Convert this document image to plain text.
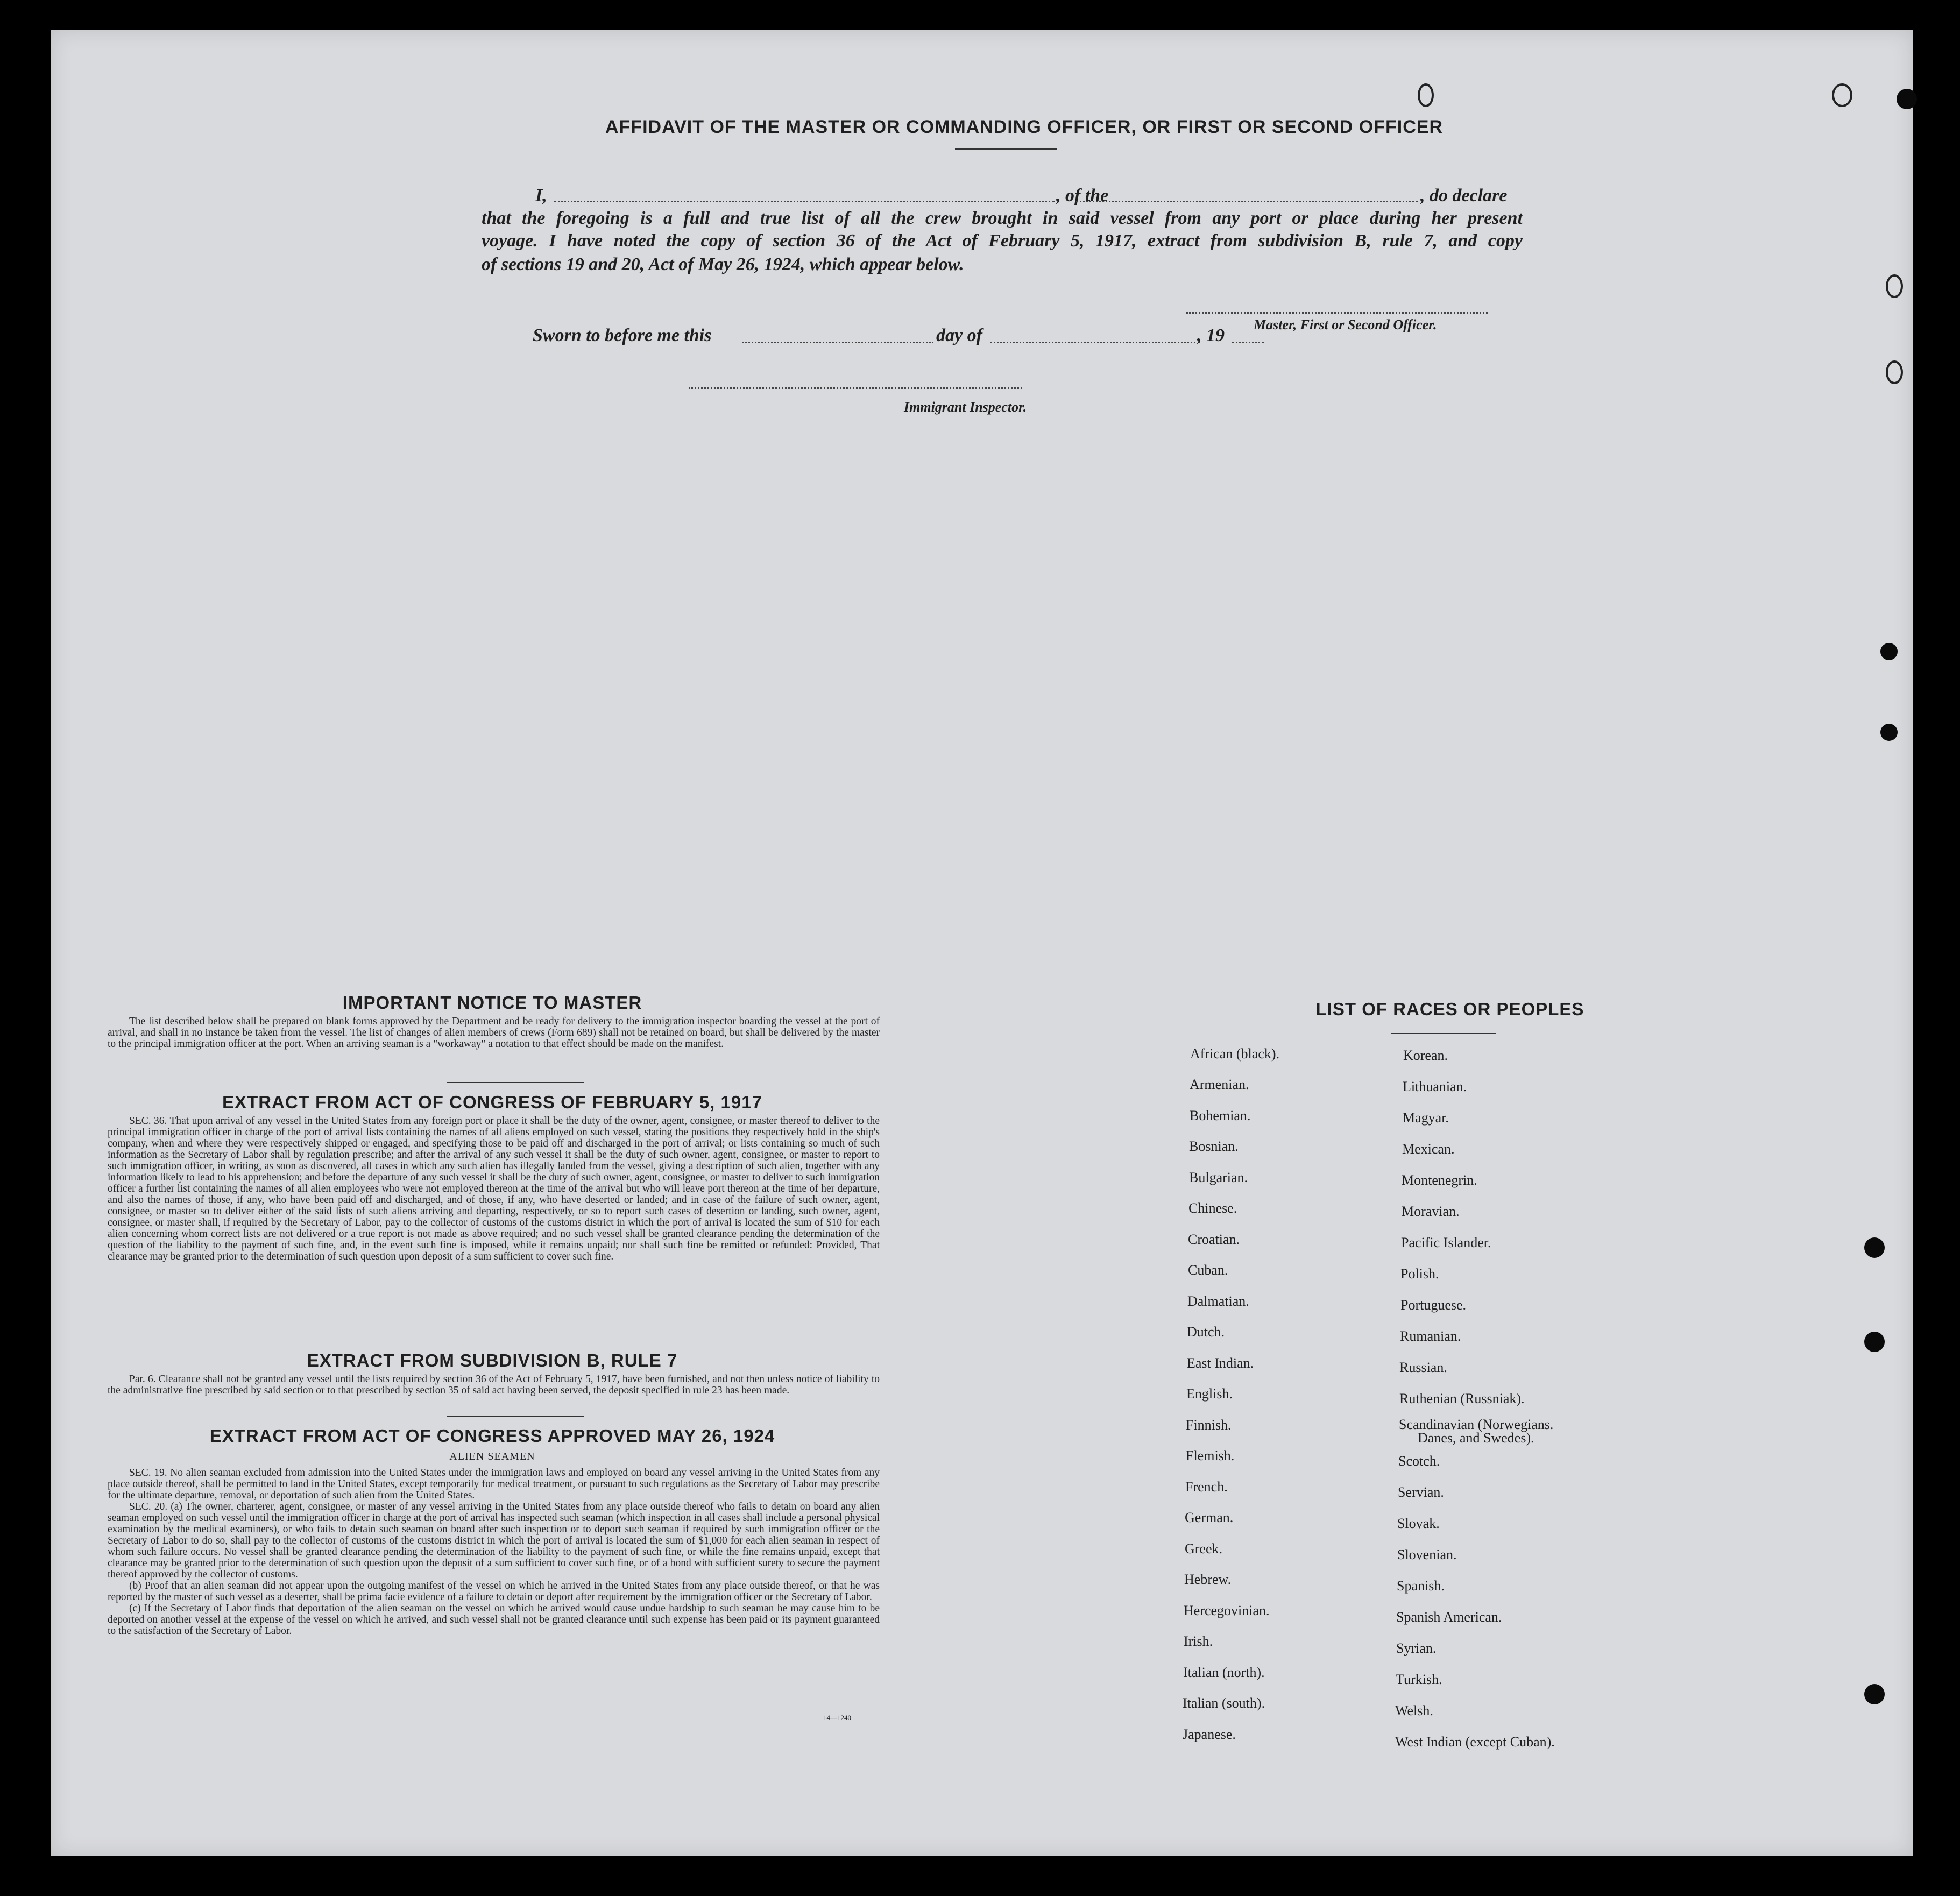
AFFIDAVIT OF THE MASTER OR COMMANDING OFFICER, OR FIRST OR SECOND OFFICER
I,	, of the	, do declare
that the foregoing is a full and true list of all the crew brought in said vessel from any port or place during her present
voyage. I have noted the copy of section 36 of the Act of February 5, 1917, extract from subdivision B, rule 7, and copy
of sections 19 and 20, Act of May 26, 1924, which appear below.
Master, First or Second Officer.
Sworn to before me this	day of	, 19
Immigrant Inspector.
IMPORTANT NOTICE TO MASTER

The list described below shall be prepared on blank forms approved by the Department and be ready for delivery to the immigration inspector boarding the vessel at the port of arrival, and shall in no instance be taken from the vessel. The list of changes of alien members of crews (Form 689) shall not be retained on board, but shall be delivered by the master to the principal immigration officer at the port. When an arriving seaman is a "workaway" a notation to that effect should be made on the manifest.

EXTRACT FROM ACT OF CONGRESS OF FEBRUARY 5, 1917

SEC. 36. That upon arrival of any vessel in the United States from any foreign port or place it shall be the duty of the owner, agent, consignee, or master thereof to deliver to the principal immigration officer in charge of the port of arrival lists containing the names of all aliens employed on such vessel, stating the positions they respectively hold in the ship's company, when and where they were respectively shipped or engaged, and specifying those to be paid off and discharged in the port of arrival; or lists containing so much of such information as the Secretary of Labor shall by regulation prescribe; and after the arrival of any such vessel it shall be the duty of such owner, agent, consignee, or master to report to such immigration officer, in writing, as soon as discovered, all cases in which any such alien has illegally landed from the vessel, giving a description of such alien, together with any information likely to lead to his apprehension; and before the departure of any such vessel it shall be the duty of such owner, agent, consignee, or master to deliver to such immigration officer a further list containing the names of all alien employees who were not employed thereon at the time of the arrival but who will leave port thereon at the time of her departure, and also the names of those, if any, who have been paid off and discharged, and of those, if any, who have deserted or landed; and in case of the failure of such owner, agent, consignee, or master so to deliver either of the said lists of such aliens arriving and departing, respectively, or so to report such cases of desertion or landing, such owner, agent, consignee, or master shall, if required by the Secretary of Labor, pay to the collector of customs of the customs district in which the port of arrival is located the sum of $10 for each alien concerning whom correct lists are not delivered or a true report is not made as above required; and no such vessel shall be granted clearance pending the determination of the question of the liability to the payment of such fine, and, in the event such fine is imposed, while it remains unpaid; nor shall such fine be remitted or refunded: Provided, That clearance may be granted prior to the determination of such question upon deposit of a sum sufficient to cover such fine.

EXTRACT FROM SUBDIVISION B, RULE 7

Par. 6. Clearance shall not be granted any vessel until the lists required by section 36 of the Act of February 5, 1917, have been furnished, and not then unless notice of liability to the administrative fine prescribed by said section or to that prescribed by section 35 of said act having been served, the deposit specified in rule 23 has been made.

EXTRACT FROM ACT OF CONGRESS APPROVED MAY 26, 1924
ALIEN SEAMEN

SEC. 19. No alien seaman excluded from admission into the United States under the immigration laws and employed on board any vessel arriving in the United States from any place outside thereof, shall be permitted to land in the United States, except temporarily for medical treatment, or pursuant to such regulations as the Secretary of Labor may prescribe for the ultimate departure, removal, or deportation of such alien from the United States.

SEC. 20. (a) The owner, charterer, agent, consignee, or master of any vessel arriving in the United States from any place outside thereof who fails to detain on board any alien seaman employed on such vessel until the immigration officer in charge at the port of arrival has inspected such seaman (which inspection in all cases shall include a personal physical examination by the medical examiners), or who fails to detain such seaman on board after such inspection or to deport such seaman if required by such immigration officer or the Secretary of Labor to do so, shall pay to the collector of customs of the customs district in which the port of arrival is located the sum of $1,000 for each alien seaman in respect of whom such failure occurs. No vessel shall be granted clearance pending the determination of the liability to the payment of such fine, or while the fine remains unpaid, except that clearance may be granted prior to the determination of such question upon the deposit of a sum sufficient to cover such fine, or of a bond with sufficient surety to secure the payment thereof approved by the collector of customs.

(b) Proof that an alien seaman did not appear upon the outgoing manifest of the vessel on which he arrived in the United States from any place outside thereof, or that he was reported by the master of such vessel as a deserter, shall be prima facie evidence of a failure to detain or deport after requirement by the immigration officer or the Secretary of Labor.

(c) If the Secretary of Labor finds that deportation of the alien seaman on the vessel on which he arrived would cause undue hardship to such seaman he may cause him to be deported on another vessel at the expense of the vessel on which he arrived, and such vessel shall not be granted clearance until such expense has been paid or its payment guaranteed to the satisfaction of the Secretary of Labor.

14—1240
LIST OF RACES OR PEOPLES
African (black).
Armenian.
Bohemian.
Bosnian.
Bulgarian.
Chinese.
Croatian.
Cuban.
Dalmatian.
Dutch.
East Indian.
English.
Finnish.
Flemish.
French.
German.
Greek.
Hebrew.
Hercegovinian.
Irish.
Italian (north).
Italian (south).
Japanese.
Korean.
Lithuanian.
Magyar.
Mexican.
Montenegrin.
Moravian.
Pacific Islander.
Polish.
Portuguese.
Rumanian.
Russian.
Ruthenian (Russniak).
Scandinavian (Norwegians.
Danes, and Swedes).
Scotch.
Servian.
Slovak.
Slovenian.
Spanish.
Spanish American.
Syrian.
Turkish.
Welsh.
West Indian (except Cuban).
